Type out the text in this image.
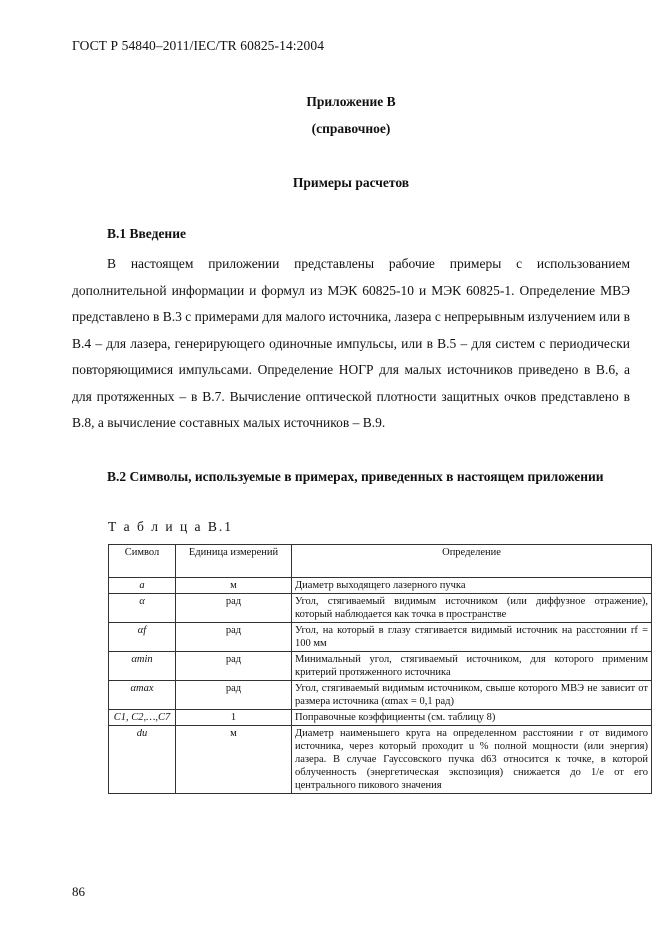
ГОСТ Р 54840–2011/IEC/TR 60825-14:2004
Приложение В
(справочное)
Примеры расчетов
В.1 Введение
В настоящем приложении представлены рабочие примеры с использованием дополнительной информации и формул из МЭК 60825-10 и МЭК 60825-1. Определение МВЭ представлено в В.3 с примерами для малого источника, лазера с непрерывным излучением или в В.4 – для лазера, генерирующего одиночные импульсы, или в В.5 – для систем с периодически повторяющимися импульсами. Определение НОГР для малых источников приведено в В.6, а для протяженных – в В.7. Вычисление оптической плотности защитных очков представлено в В.8, а вычисление составных малых источников – В.9.
В.2 Символы, используемые в примерах, приведенных в настоящем приложении
Т а б л и ц а В.1
Символ	Единица измерений	Определение
a	м	Диаметр выходящего лазерного пучка
α	рад	Угол, стягиваемый видимым источником (или диффузное отражение), который наблюдается как точка в пространстве
αf	рад	Угол, на который в глазу стягивается видимый источник на расстоянии rf = 100 мм
αmin	рад	Минимальный угол, стягиваемый источником, для которого применим критерий протяженного источника
αmax	рад	Угол, стягиваемый видимым источником, свыше которого МВЭ не зависит от размера источника (αmax = 0,1 рад)
C1, C2,…,C7	1	Поправочные коэффициенты (см. таблицу 8)
du	м	Диаметр наименьшего круга на определенном расстоянии r от видимого источника, через который проходит u % полной мощности (или энергия) лазера. В случае Гауссовского пучка d63 относится к точке, в которой облученность (энергетическая экспозиция) снижается до 1/e от его центрального пикового значения
86
